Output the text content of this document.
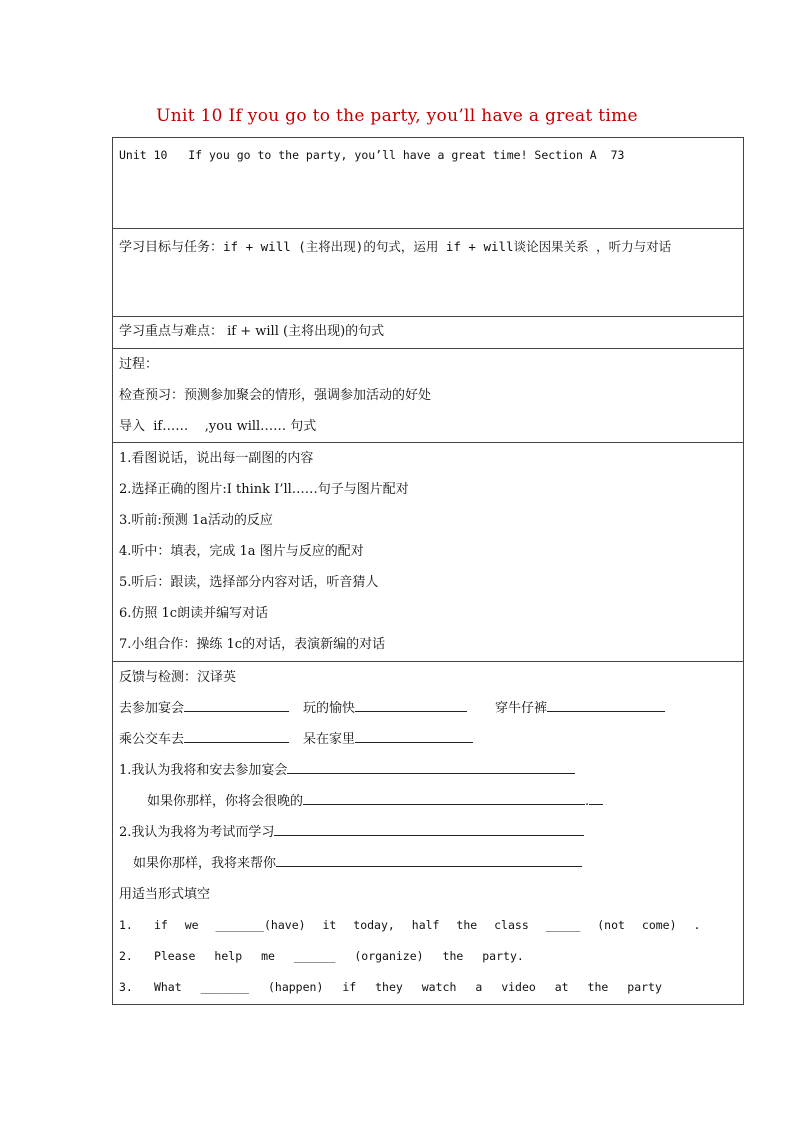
Unit 10 If you go to the party, you’ll have a great time
Unit 10   If you go to the party, you’ll have a great time! Section A  73

学习目标与任务：if + will (主将出现)的句式，运用 if + will谈论因果关系 ，听力与对话

学习重点与难点： if + will (主将出现)的句式

过程：
检查预习：预测参加聚会的情形，强调参加活动的好处
导入  if……    ,you will…… 句式

1.看图说话，说出每一副图的内容
2.选择正确的图片:I think I’ll……句子与图片配对
3.听前:预测 1a活动的反应
4.听中：填表，完成 1a 图片与反应的配对
5.听后：跟读，选择部分内容对话，听音猜人
6.仿照 1c朗读并编写对话
7.小组合作：操练 1c的对话，表演新编的对话

反馈与检测：汉译英
去参加宴会	玩的愉快	穿牛仔裤
乘公交车去	呆在家里
1.我认为我将和安去参加宴会
如果你那样，你将会很晚的	.
2.我认为我将为考试而学习
如果你那样，我将来帮你
用适当形式填空
1. if we _______(have) it today, half the class _____ (not come) .
2. Please help me ______ (organize) the party.
3. What _______ (happen) if they watch a video at the party
